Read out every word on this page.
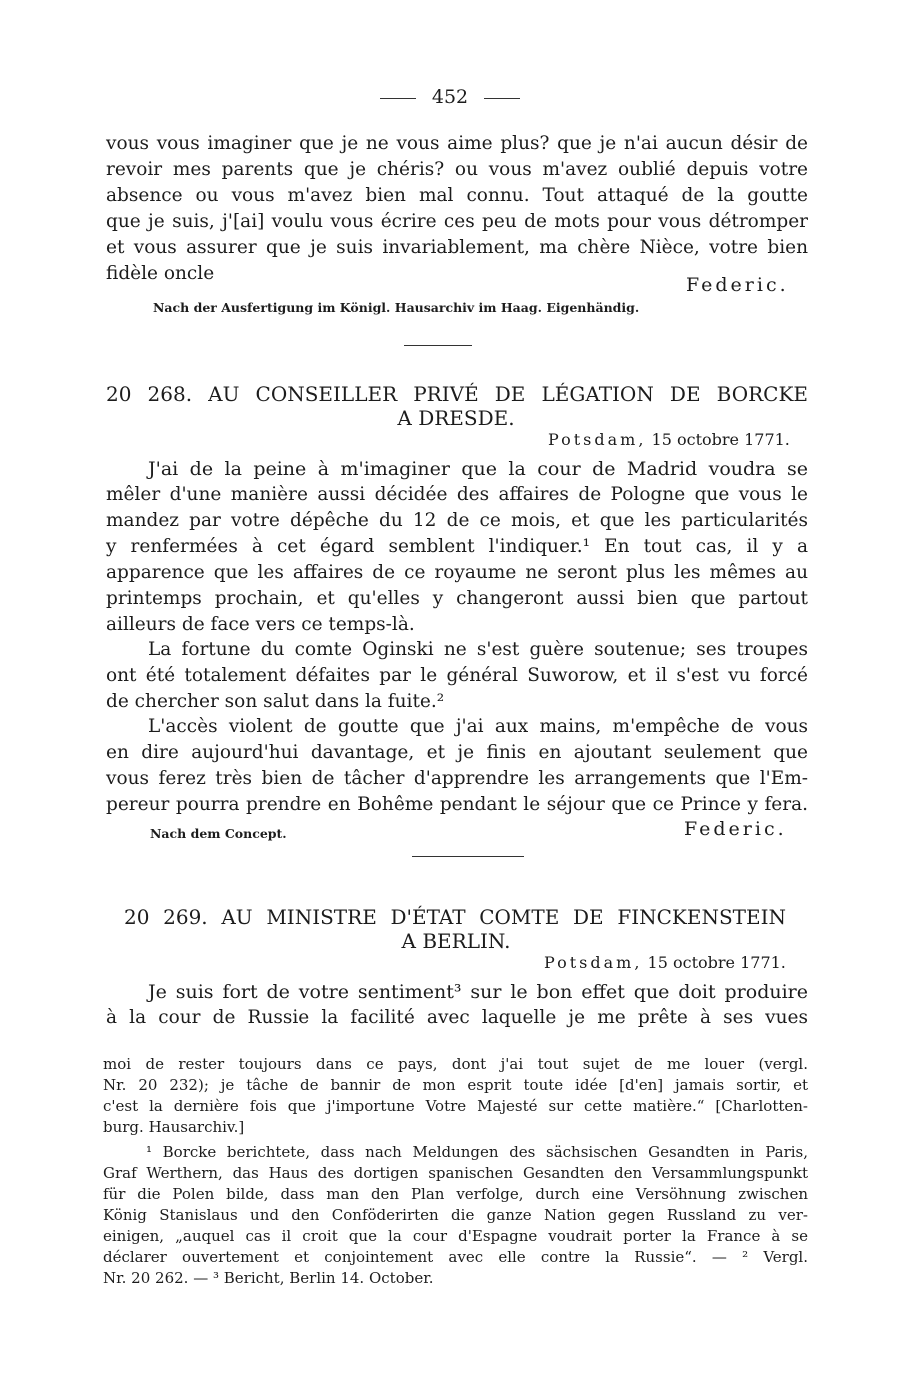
452
vous vous imaginer que je ne vous aime plus? que je n'ai aucun désir de
revoir mes parents que je chéris? ou vous m'avez oublié depuis votre
absence ou vous m'avez bien mal connu. Tout attaqué de la goutte
que je suis, j'[ai] voulu vous écrire ces peu de mots pour vous détromper
et vous assurer que je suis invariablement, ma chère Nièce, votre bien
fidèle oncle
Federic.
Nach der Ausfertigung im Königl. Hausarchiv im Haag. Eigenhändig.
20 268. AU CONSEILLER PRIVÉ DE LÉGATION DE BORCKE
A DRESDE.
Potsdam, 15 octobre 1771.
J'ai de la peine à m'imaginer que la cour de Madrid voudra se
mêler d'une manière aussi décidée des affaires de Pologne que vous le
mandez par votre dépêche du 12 de ce mois, et que les particularités
y renfermées à cet égard semblent l'indiquer.¹ En tout cas, il y a
apparence que les affaires de ce royaume ne seront plus les mêmes au
printemps prochain, et qu'elles y changeront aussi bien que partout
ailleurs de face vers ce temps-là.
La fortune du comte Oginski ne s'est guère soutenue; ses troupes
ont été totalement défaites par le général Suworow, et il s'est vu forcé
de chercher son salut dans la fuite.²
L'accès violent de goutte que j'ai aux mains, m'empêche de vous
en dire aujourd'hui davantage, et je finis en ajoutant seulement que
vous ferez très bien de tâcher d'apprendre les arrangements que l'Em-
pereur pourra prendre en Bohême pendant le séjour que ce Prince y fera.
Nach dem Concept.	Federic.
20 269. AU MINISTRE D'ÉTAT COMTE DE FINCKENSTEIN
A BERLIN.
Potsdam, 15 octobre 1771.
Je suis fort de votre sentiment³ sur le bon effet que doit produire
à la cour de Russie la facilité avec laquelle je me prête à ses vues
moi de rester toujours dans ce pays, dont j'ai tout sujet de me louer (vergl.
Nr. 20 232); je tâche de bannir de mon esprit toute idée [d'en] jamais sortir, et
c'est la dernière fois que j'importune Votre Majesté sur cette matière.“ [Charlotten-
burg. Hausarchiv.]
¹ Borcke berichtete, dass nach Meldungen des sächsischen Gesandten in Paris,
Graf Werthern, das Haus des dortigen spanischen Gesandten den Versammlungspunkt
für die Polen bilde, dass man den Plan verfolge, durch eine Versöhnung zwischen
König Stanislaus und den Conföderirten die ganze Nation gegen Russland zu ver-
einigen, „auquel cas il croit que la cour d'Espagne voudrait porter la France à se
déclarer ouvertement et conjointement avec elle contre la Russie“. — ² Vergl.
Nr. 20 262. — ³ Bericht, Berlin 14. October.
